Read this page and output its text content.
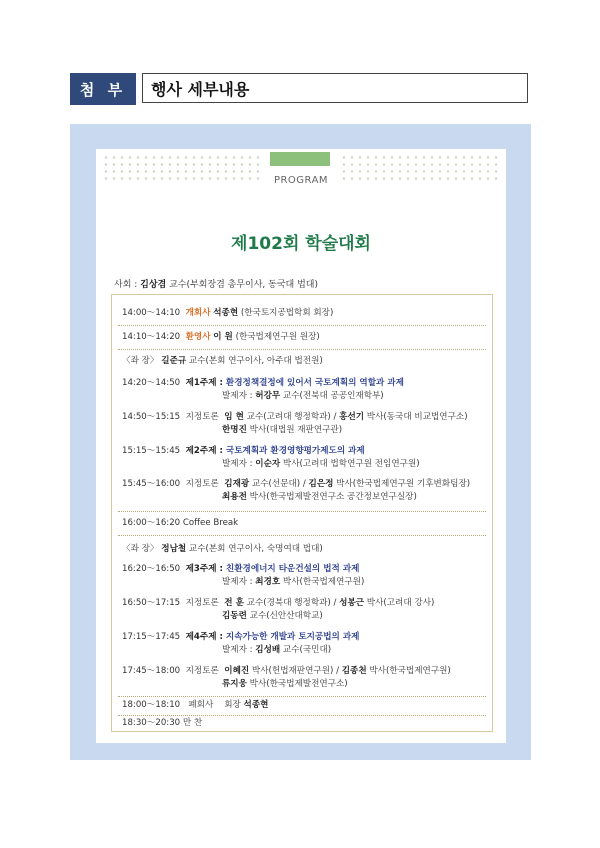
첨 부	행사 세부내용
PROGRAM
제102회 학술대회
사회 : 김상겸 교수(부회장겸 총무이사, 동국대 법대)
14:00～14:10 개회사 석종현 (한국토지공법학회 회장)
14:10～14:20 환영사 이 원 (한국법제연구원 원장)
〈좌 장〉 길준규 교수(본회 연구이사, 아주대 법전원)
14:20～14:50 제1주제 : 환경정책결정에 있어서 국토계획의 역할과 과제
발제자 : 허강무 교수(전북대 공공인재학부)
14:50～15:15 지정토론 임 현 교수(고려대 행정학과) / 홍선기 박사(동국대 비교법연구소)
한명진 박사(대법원 재판연구관)
15:15～15:45 제2주제 : 국토계획과 환경영향평가제도의 과제
발제자 : 이순자 박사(고려대 법학연구원 전임연구원)
15:45～16:00 지정토론 김재광 교수(선문대) / 김은정 박사(한국법제연구원 기후변화팀장)
최용전 박사(한국법제발전연구소 공간정보연구실장)
16:00～16:20 Coffee Break
〈좌 장〉 정남철 교수(본회 연구이사, 숙명여대 법대)
16:20～16:50 제3주제 : 친환경에너지 타운건설의 법적 과제
발제자 : 최경호 박사(한국법제연구원)
16:50～17:15 지정토론 전 훈 교수(경북대 행정학과) / 성봉근 박사(고려대 강사)
김동련 교수(신안산대학교)
17:15～17:45 제4주제 : 지속가능한 개발과 토지공법의 과제
발제자 : 김성배 교수(국민대)
17:45～18:00 지정토론 이혜진 박사(헌법재판연구원) / 김종천 박사(한국법제연구원)
류지웅 박사(한국법제발전연구소)
18:00～18:10 폐회사 회장 석종현
18:30～20:30 만 찬
